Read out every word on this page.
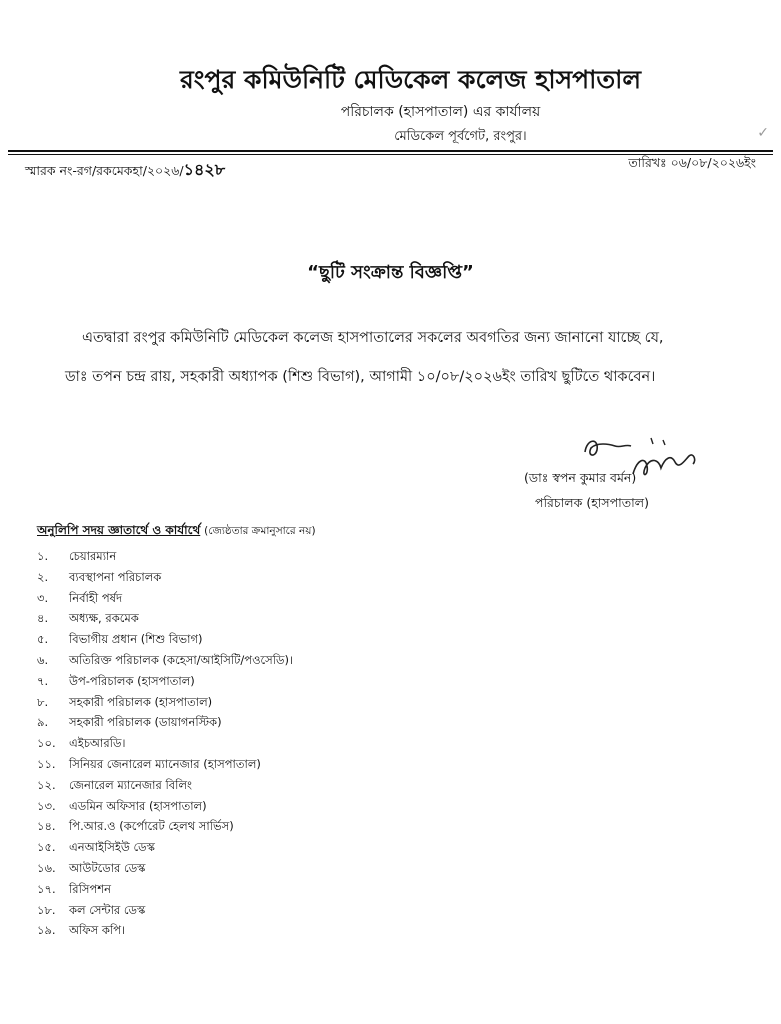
রংপুর কমিউনিটি মেডিকেল কলেজ হাসপাতাল
পরিচালক (হাসপাতাল) এর কার্যালয়
মেডিকেল পূর্বগেট, রংপুর।	✓
স্মারক নং-রগ/রকমেকহা/২০২৬/১৪২৮	তারিখঃ ০৬/০৮/২০২৬ইং
“ছুটি সংক্রান্ত বিজ্ঞপ্তি”
এতদ্বারা রংপুর কমিউনিটি মেডিকেল কলেজ হাসপাতালের সকলের অবগতির জন্য জানানো যাচ্ছে যে,
ডাঃ তপন চন্দ্র রায়, সহকারী অধ্যাপক (শিশু বিভাগ), আগামী ১০/০৮/২০২৬ইং তারিখ ছুটিতে থাকবেন।
(ডাঃ স্বপন কুমার বর্মন)
পরিচালক (হাসপাতাল)
অনুলিপি সদয় জ্ঞাতার্থে ও কার্যার্থে (জ্যেষ্ঠতার ক্রমানুসারে নয়)
১.	চেয়ারম্যান
২.	ব্যবস্থাপনা পরিচালক
৩.	নির্বাহী পর্ষদ
৪.	অধ্যক্ষ, রকমেক
৫.	বিভাগীয় প্রধান (শিশু বিভাগ)
৬.	অতিরিক্ত পরিচালক (কহেসা/আইসিটি/পওসেডি)।
৭.	উপ-পরিচালক (হাসপাতাল)
৮.	সহকারী পরিচালক (হাসপাতাল)
৯.	সহকারী পরিচালক (ডায়াগনস্টিক)
১০.	এইচআরডি।
১১.	সিনিয়র জেনারেল ম্যানেজার (হাসপাতাল)
১২.	জেনারেল ম্যানেজার বিলিং
১৩.	এডমিন অফিসার (হাসপাতাল)
১৪.	পি.আর.ও (কর্পোরেট হেলথ সার্ভিস)
১৫.	এনআইসিইউ ডেস্ক
১৬.	আউটডোর ডেস্ক
১৭.	রিসিপশন
১৮.	কল সেন্টার ডেস্ক
১৯.	অফিস কপি।
